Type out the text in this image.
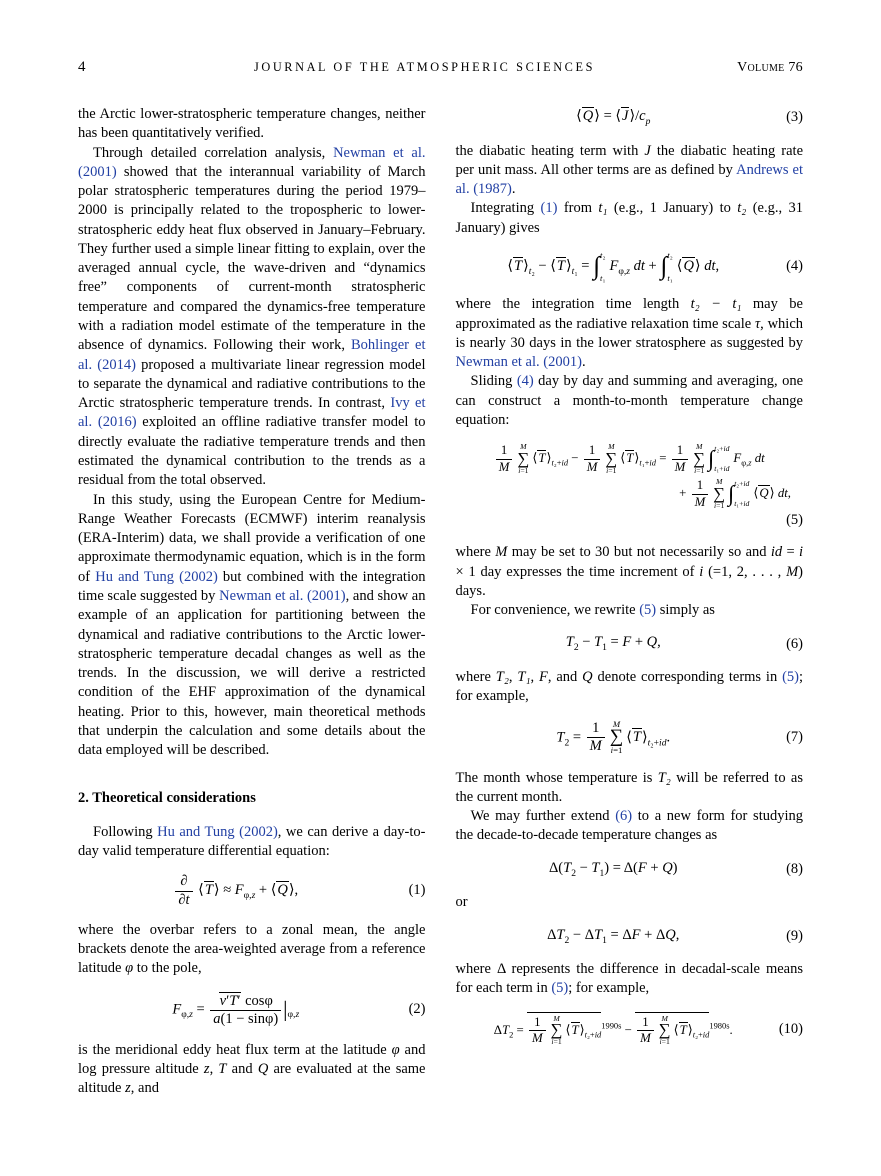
4	JOURNAL OF THE ATMOSPHERIC SCIENCES	Volume 76

the Arctic lower-stratospheric temperature changes, neither has been quantitatively verified.

Through detailed correlation analysis, Newman et al. (2001) showed that the interannual variability of March polar stratospheric temperatures during the period 1979–2000 is principally related to the tropospheric to lower-stratospheric eddy heat flux observed in January–February. They further used a simple linear fitting to explain, over the averaged annual cycle, the wave-driven and “dynamics free” components of current-month stratospheric temperature and compared the dynamics-free temperature with a radiation model estimate of the temperature in the absence of dynamics. Following their work, Bohlinger et al. (2014) proposed a multivariate linear regression model to separate the dynamical and radiative contributions to the Arctic stratospheric temperature trends. In contrast, Ivy et al. (2016) exploited an offline radiative transfer model to directly evaluate the radiative temperature trends and then estimated the dynamical contribution to the trends as a residual from the total observed.

In this study, using the European Centre for Medium-Range Weather Forecasts (ECMWF) interim reanalysis (ERA-Interim) data, we shall provide a verification of one approximate thermodynamic equation, which is in the form of Hu and Tung (2002) but combined with the integration time scale suggested by Newman et al. (2001), and show an example of an application for partitioning between the dynamical and radiative contributions to the Arctic lower-stratospheric temperature decadal changes as well as the trends. In the discussion, we will derive a restricted condition of the EHF approximation of the dynamical heating. Prior to this, however, main theoretical methods that underpin the calculation and some details about the data employed will be described.

2. Theoretical considerations

Following Hu and Tung (2002), we can derive a day-to-day valid temperature differential equation:

$\frac{\partial}{\partial t}$ ⟨T⟩ ≈ $F_{\varphi,z}$ + ⟨Q⟩,	(1)

where the overbar refers to a zonal mean, the angle brackets denote the area-weighted average from a reference latitude φ to the pole,

$F_{\varphi,z} = \frac{v'T' \cos\varphi}{a(1 - \sin\varphi)} |_{\varphi,z}$	(2)

is the meridional eddy heat flux term at the latitude φ and log pressure altitude z, T and Q are evaluated at the same altitude z, and

⟨Q⟩ = $⟨J⟩/c_p$	(3)

the diabatic heating term with J the diabatic heating rate per unit mass. All other terms are as defined by Andrews et al. (1987).

Integrating (1) from t₁ (e.g., 1 January) to t₂ (e.g., 31 January) gives

$⟨T⟩_{t_2}$ − $⟨T⟩_{t_1}$ = ∫ t₂
t₁
$F_{\varphi,z}$ dt + ∫ t₂
t₁
⟨Q⟩ dt,	(4)

where the integration time length t₂ − t₁ may be approximated as the radiative relaxation time scale τ, which is nearly 30 days in the lower stratosphere as suggested by Newman et al. (2001).

Sliding (4) day by day and summing and averaging, one can construct a month-to-month temperature change equation:

$\frac{1}{M}$ M
∑
i=1
$⟨T⟩_{t_2+id} - \frac{1}{M}$ M
∑
i=1
$⟨T⟩_{t_1+id} = \frac{1}{M}$ M
∑
i=1 ∫ t₂+id
t₁+id
$F_{\varphi,z}$ dt
+ $\frac{1}{M}$ M
∑
i=1 ∫ t₂+id
t₁+id
⟨Q⟩ dt,
(5)

where M may be set to 30 but not necessarily so and id = i × 1 day expresses the time increment of i (=1, 2, . . . , M) days.

For convenience, we rewrite (5) simply as

$T_2 - T_1 = F + Q$,	(6)

where T₂, T₁, F, and Q denote corresponding terms in (5); for example,

$T_2 = \frac{1}{M}$ M
∑
i=1
$⟨T⟩_{t_2+id}$.	(7)

The month whose temperature is T₂ will be referred to as the current month.

We may further extend (6) to a new form for studying the decade-to-decade temperature changes as

$\Delta(T_2 - T_1) = \Delta(F + Q)$	(8)

or

$\Delta T_2 - \Delta T_1 = \Delta F + \Delta Q$,	(9)

where Δ represents the difference in decadal-scale means for each term in (5); for example,

$\Delta T_2 = \frac{1}{M}$ M
∑
i=1
$⟨T⟩_{t_2+id}^{1990s} - \frac{1}{M}$ M
∑
i=1
$⟨T⟩_{t_2+id}^{1980s}$.	(10)
